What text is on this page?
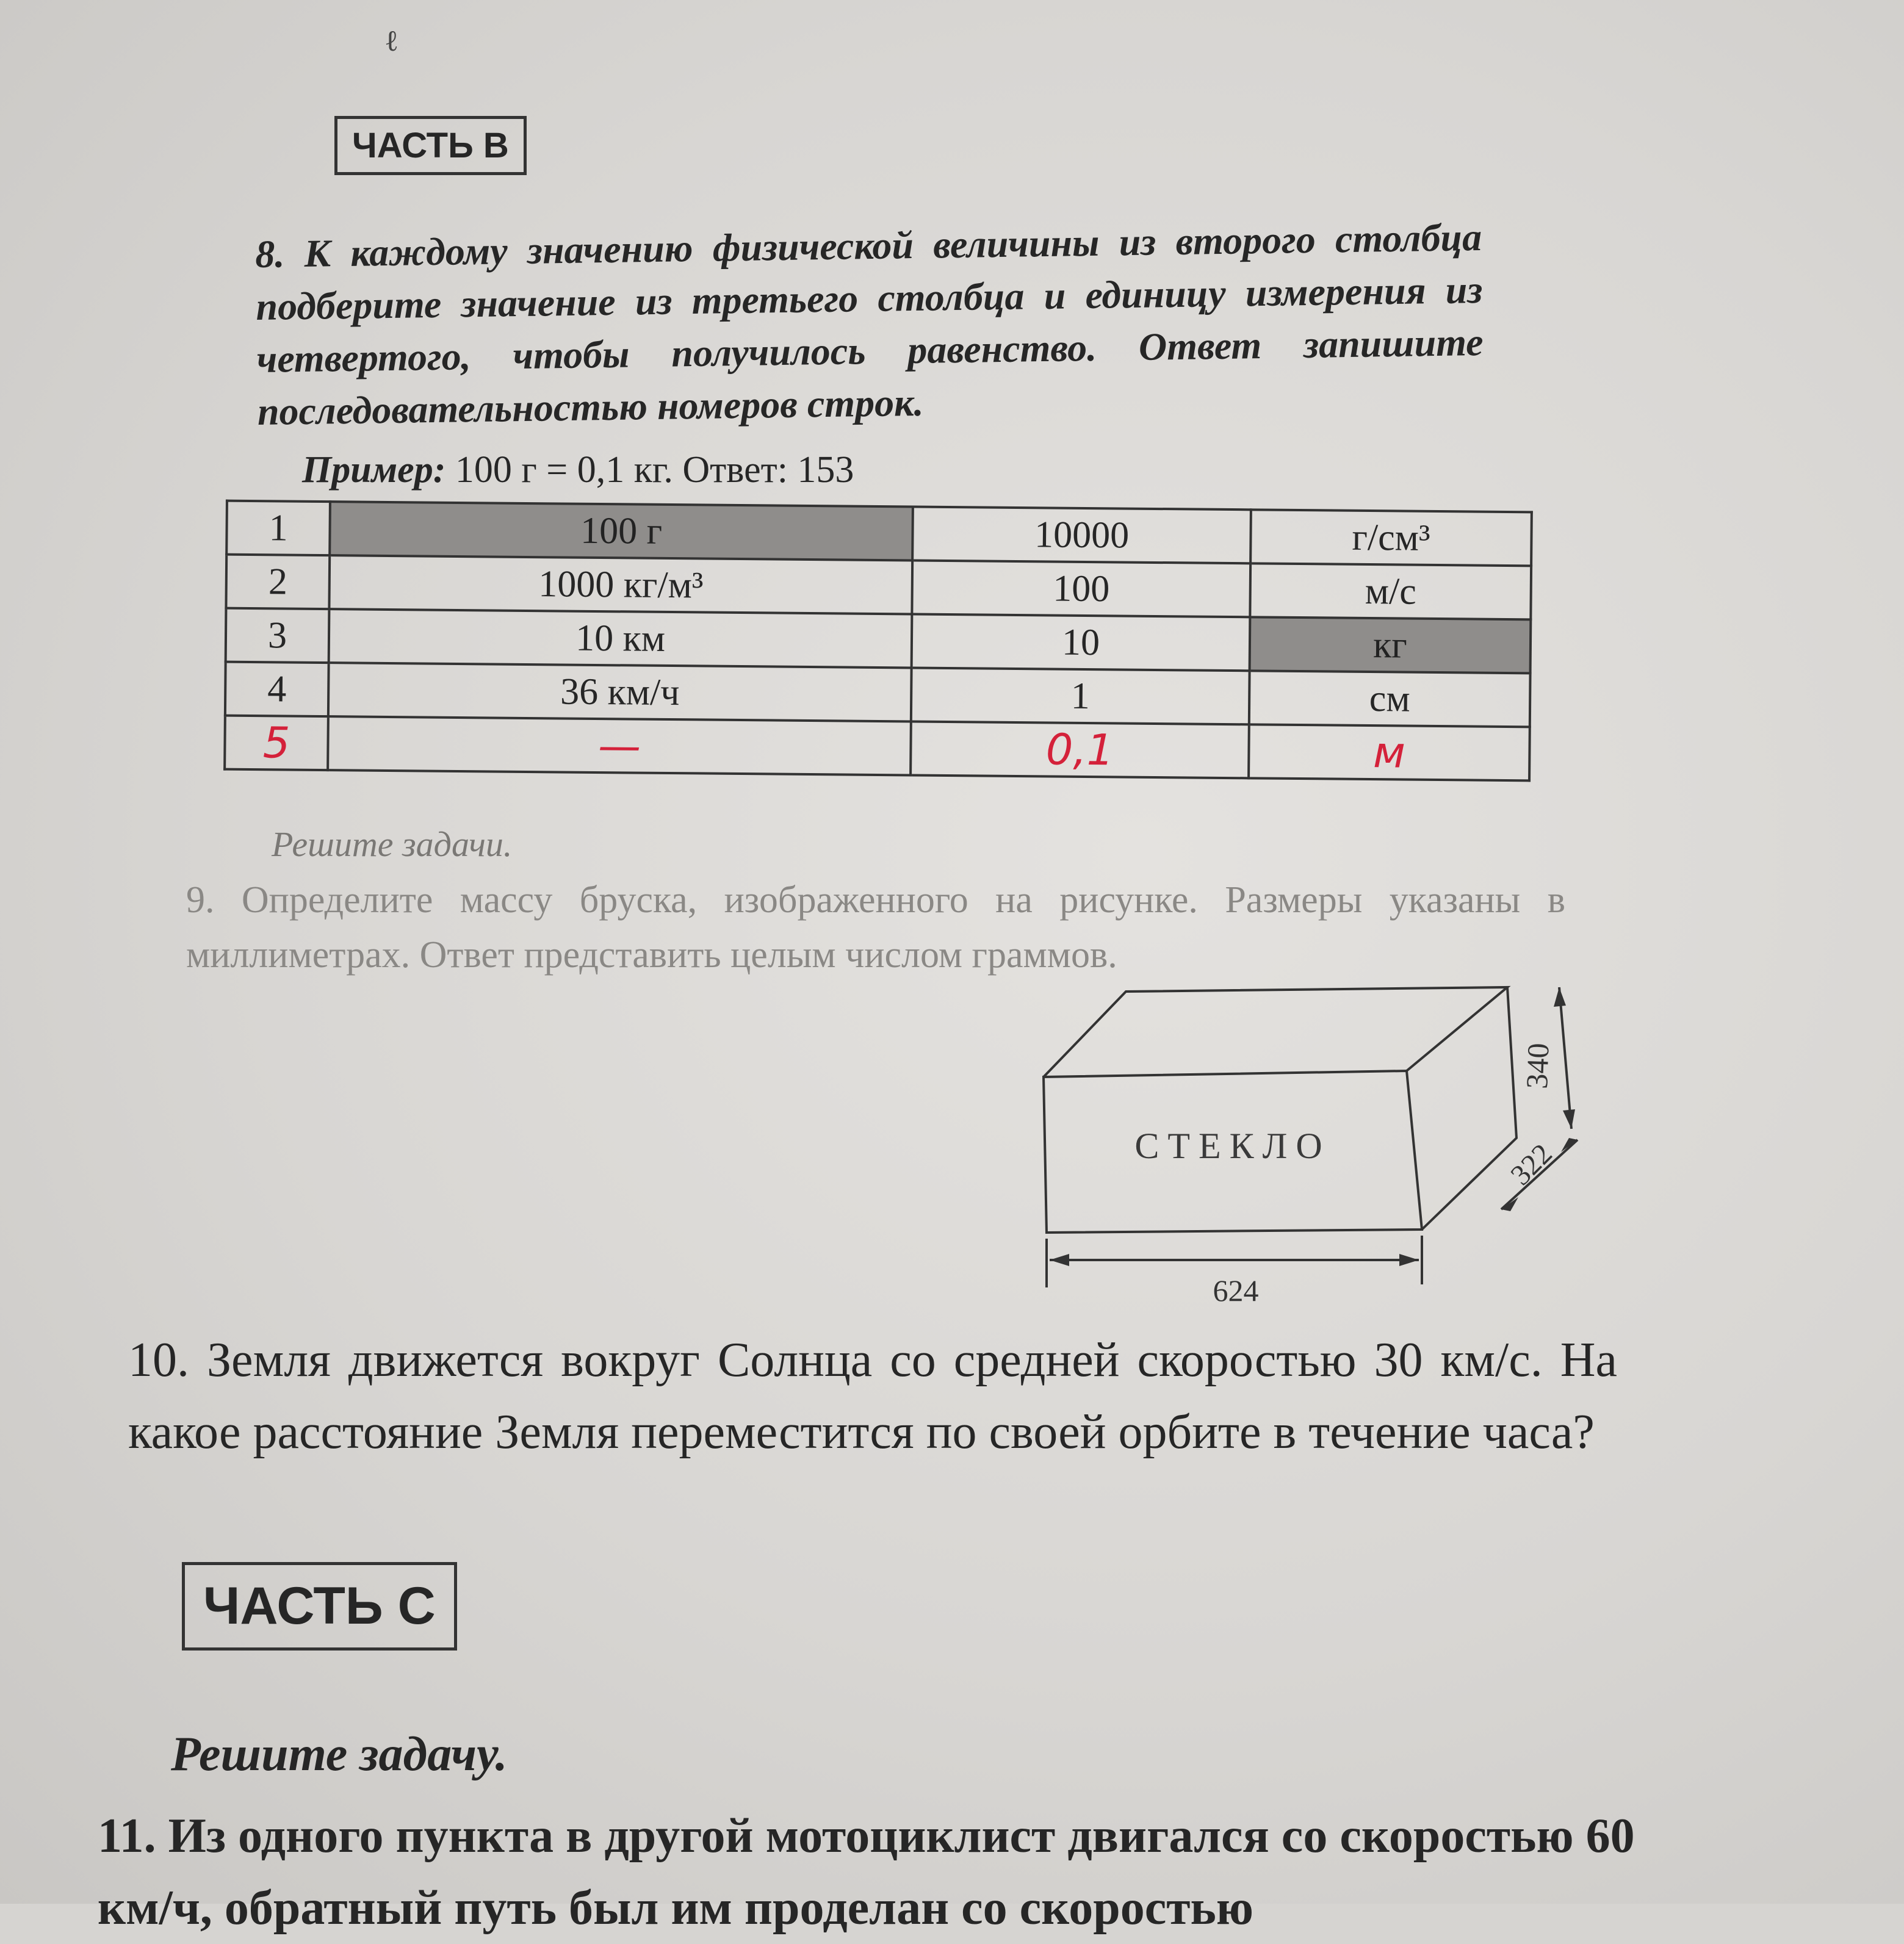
ℓ
ЧАСТЬ В
8. К каждому значению физической величины из второго столбца подберите значение из третьего столбца и единицу измерения из четвертого, чтобы получилось равенство. Ответ запишите последовательностью номеров строк.
Пример: 100 г = 0,1 кг. Ответ: 153
1	100 г	10000	г/см³
2	1000 кг/м³	100	м/с
3	10 км	10	кг
4	36 км/ч	1	см
5	—	0,1	м
Решите задачи.
9. Определите массу бруска, изображенного на рисунке. Размеры указаны в миллиметрах. Ответ представить целым числом граммов.
СТЕКЛО
624
340
322
10. Земля движется вокруг Солнца со средней скоростью 30 км/с. На какое расстояние Земля переместится по своей орбите в течение часа?
ЧАСТЬ С
Решите задачу.
11. Из одного пункта в другой мотоциклист двигался со скоростью 60 км/ч, обратный путь был им проделан со скоростью
